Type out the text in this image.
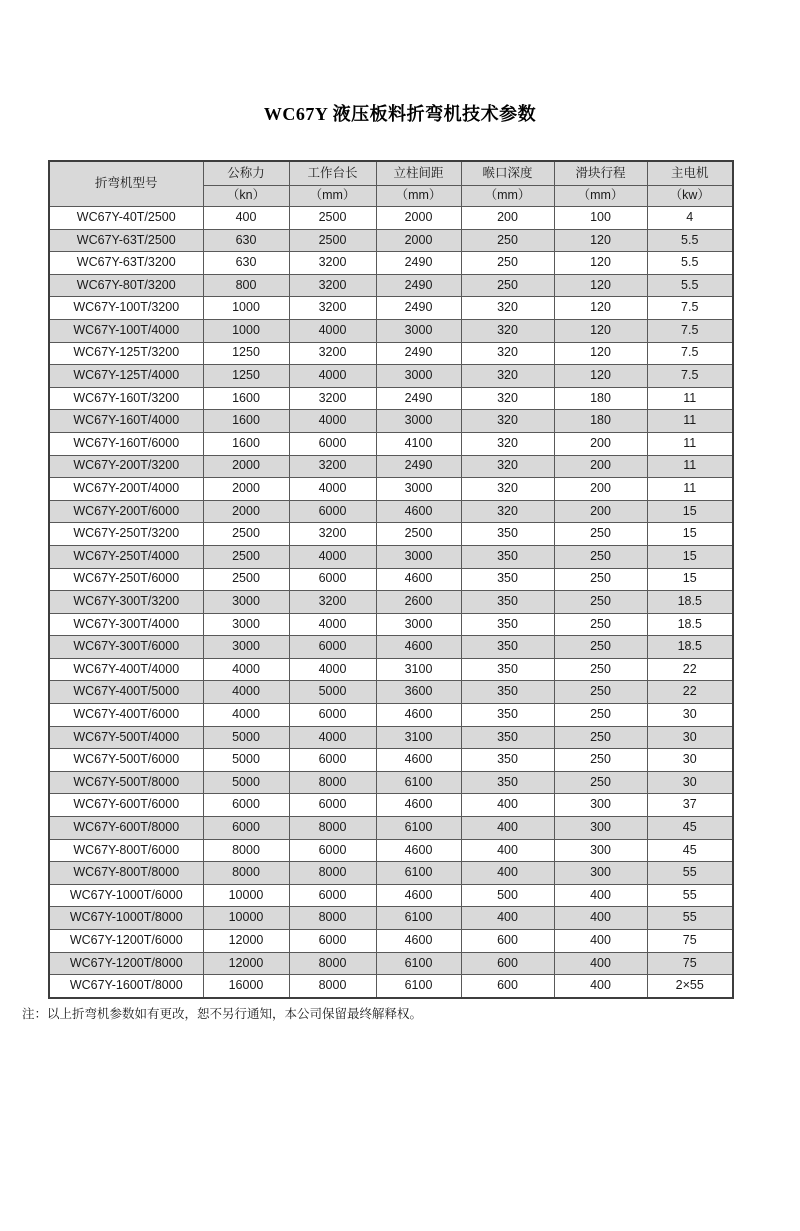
WC67Y 液压板料折弯机技术参数
折弯机型号	公称力	工作台长	立柱间距	喉口深度	滑块行程	主电机
	（kn）	（mm）	（mm）	（mm）	（mm）	（kw）
WC67Y-40T/2500	400	2500	2000	200	100	4
WC67Y-63T/2500	630	2500	2000	250	120	5.5
WC67Y-63T/3200	630	3200	2490	250	120	5.5
WC67Y-80T/3200	800	3200	2490	250	120	5.5
WC67Y-100T/3200	1000	3200	2490	320	120	7.5
WC67Y-100T/4000	1000	4000	3000	320	120	7.5
WC67Y-125T/3200	1250	3200	2490	320	120	7.5
WC67Y-125T/4000	1250	4000	3000	320	120	7.5
WC67Y-160T/3200	1600	3200	2490	320	180	11
WC67Y-160T/4000	1600	4000	3000	320	180	11
WC67Y-160T/6000	1600	6000	4100	320	200	11
WC67Y-200T/3200	2000	3200	2490	320	200	11
WC67Y-200T/4000	2000	4000	3000	320	200	11
WC67Y-200T/6000	2000	6000	4600	320	200	15
WC67Y-250T/3200	2500	3200	2500	350	250	15
WC67Y-250T/4000	2500	4000	3000	350	250	15
WC67Y-250T/6000	2500	6000	4600	350	250	15
WC67Y-300T/3200	3000	3200	2600	350	250	18.5
WC67Y-300T/4000	3000	4000	3000	350	250	18.5
WC67Y-300T/6000	3000	6000	4600	350	250	18.5
WC67Y-400T/4000	4000	4000	3100	350	250	22
WC67Y-400T/5000	4000	5000	3600	350	250	22
WC67Y-400T/6000	4000	6000	4600	350	250	30
WC67Y-500T/4000	5000	4000	3100	350	250	30
WC67Y-500T/6000	5000	6000	4600	350	250	30
WC67Y-500T/8000	5000	8000	6100	350	250	30
WC67Y-600T/6000	6000	6000	4600	400	300	37
WC67Y-600T/8000	6000	8000	6100	400	300	45
WC67Y-800T/6000	8000	6000	4600	400	300	45
WC67Y-800T/8000	8000	8000	6100	400	300	55
WC67Y-1000T/6000	10000	6000	4600	500	400	55
WC67Y-1000T/8000	10000	8000	6100	400	400	55
WC67Y-1200T/6000	12000	6000	4600	600	400	75
WC67Y-1200T/8000	12000	8000	6100	600	400	75
WC67Y-1600T/8000	16000	8000	6100	600	400	2×55
注：以上折弯机参数如有更改，恕不另行通知，本公司保留最终解释权。
